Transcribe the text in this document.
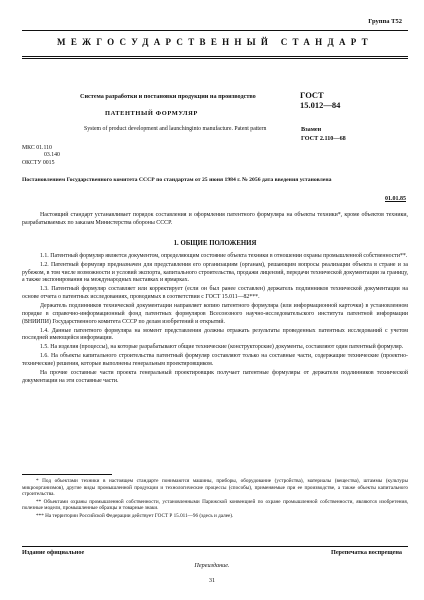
Группа Т52
МЕЖГОСУДАРСТВЕННЫЙ СТАНДАРТ
Система разработки и постановки продукции на производство
ПАТЕНТНЫЙ ФОРМУЛЯР
System of product development and launchinginto manufacture. Patent pattern
ГОСТ
15.012—84
Взамен
ГОСТ 2.110—68
МКС 01.110
03.140
ОКСТУ 0015
Постановлением Государственного комитета СССР по стандартам от 25 июня 1984 г. № 2056 дата введения установлена
01.01.85
Настоящий стандарт устанавливает порядок составления и оформления патентного формуляра на объекты техники*, кроме объектов техники, разрабатываемых по заказам Министерства обороны СССР.
1. ОБЩИЕ ПОЛОЖЕНИЯ

1.1. Патентный формуляр является документом, определяющим состояние объекта техники в отношении охраны промышленной собственности**.

1.2. Патентный формуляр предназначен для представления его организациям (органам), решающим вопросы реализации объекта в стране и за рубежом, в том числе возможности и условий экспорта, капитального строительства, продажи лицензий, передачи технической документации за границу, а также экспонирования на международных выставках и ярмарках.

1.3. Патентный формуляр составляет или корректирует (если он был ранее составлен) держатель подлинников технической документации на основе отчета о патентных исследованиях, проводимых в соответствии с ГОСТ 15.011—82***.

Держатель подлинников технической документации направляет копию патентного формуляра (или информационной карточки) в установленном порядке в справочно-информационный фонд патентных формуляров Всесоюзного научно-исследовательского института патентной информации (ВНИИПИ) Государственного комитета СССР по делам изобретений и открытий.

1.4. Данные патентного формуляра на момент представления должны отражать результаты проведенных патентных исследований с учетом последней имеющейся информации.

1.5. На изделия (процессы), на которые разрабатывают общие технические (конструкторские) документы, составляют один патентный формуляр.

1.6. На объекты капитального строительства патентный формуляр составляют только на составные части, содержащие технические (проектно-технические) решения, которые выполнены генеральным проектировщиком.

На прочие составные части проекта генеральный проектировщик получает патентные формуляры от держателя подлинников технической документации на эти составные части.

* Под объектами техники в настоящем стандарте понимаются машины, приборы, оборудование (устройства), материалы (вещества), штаммы (культуры микроорганизмов), другие виды промышленной продукции и технологические процессы (способы), применяемые при ее производстве, а также объекты капитального строительства.

** Объектами охраны промышленной собственности, установленными Парижской конвенцией по охране промышленной собственности, являются изобретения, полезные модели, промышленные образцы и товарные знаки.

*** На территории Российской Федерации действует ГОСТ Р 15.011—96 (здесь и далее).

Издание официальное	Перепечатка воспрещена
Переиздание.
31
